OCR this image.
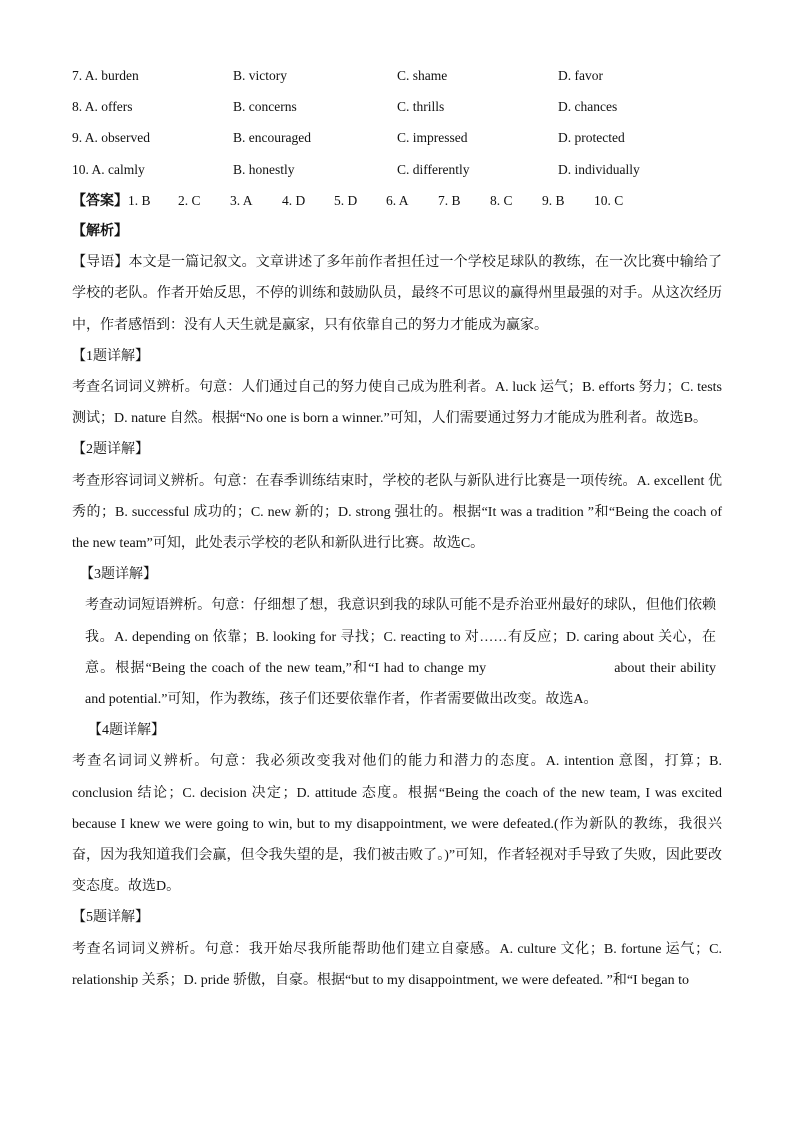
7. A. burden	B. victory	C. shame	D. favor
8. A. offers	B. concerns	C. thrills	D. chances
9. A. observed	B. encouraged	C. impressed	D. protected
10. A. calmly	B. honestly	C. differently	D. individually
【答案】1. B 2. C 3. A 4. D 5. D 6. A 7. B 8. C 9. B 10. C
【解析】

【导语】本文是一篇记叙文。文章讲述了多年前作者担任过一个学校足球队的教练，在一次比赛中输给了学校的老队。作者开始反思，不停的训练和鼓励队员，最终不可思议的赢得州里最强的对手。从这次经历中，作者感悟到：没有人天生就是赢家，只有依靠自己的努力才能成为赢家。

【1题详解】

考查名词词义辨析。句意：人们通过自己的努力使自己成为胜利者。A. luck 运气；B. efforts 努力；C. tests 测试；D. nature 自然。根据“No one is born a winner.”可知，人们需要通过努力才能成为胜利者。故选B。

【2题详解】

考查形容词词义辨析。句意：在春季训练结束时，学校的老队与新队进行比赛是一项传统。A. excellent 优秀的；B. successful 成功的；C. new 新的；D. strong 强壮的。根据“It was a tradition ”和“Being the coach of the new team”可知，此处表示学校的老队和新队进行比赛。故选C。

【3题详解】

考查动词短语辨析。句意：仔细想了想，我意识到我的球队可能不是乔治亚州最好的球队，但他们依赖我。A. depending on 依靠；B. looking for 寻找；C. reacting to 对……有反应；D. caring about 关心，在意。根据“Being the coach of the new team,”和“I had to change my	about their ability and potential.”可知，作为教练，孩子们还要依靠作者，作者需要做出改变。故选A。

【4题详解】

考查名词词义辨析。句意：我必须改变我对他们的能力和潜力的态度。A. intention 意图，打算；B. conclusion 结论；C. decision 决定；D. attitude 态度。根据“Being the coach of the new team, I was excited because I knew we were going to win, but to my disappointment, we were defeated.(作为新队的教练，我很兴奋，因为我知道我们会赢，但令我失望的是，我们被击败了。)”可知，作者轻视对手导致了失败，因此要改变态度。故选D。

【5题详解】

考查名词词义辨析。句意：我开始尽我所能帮助他们建立自豪感。A. culture 文化；B. fortune 运气；C. relationship 关系；D. pride 骄傲，自豪。根据“but to my disappointment, we were defeated. ”和“I began to
